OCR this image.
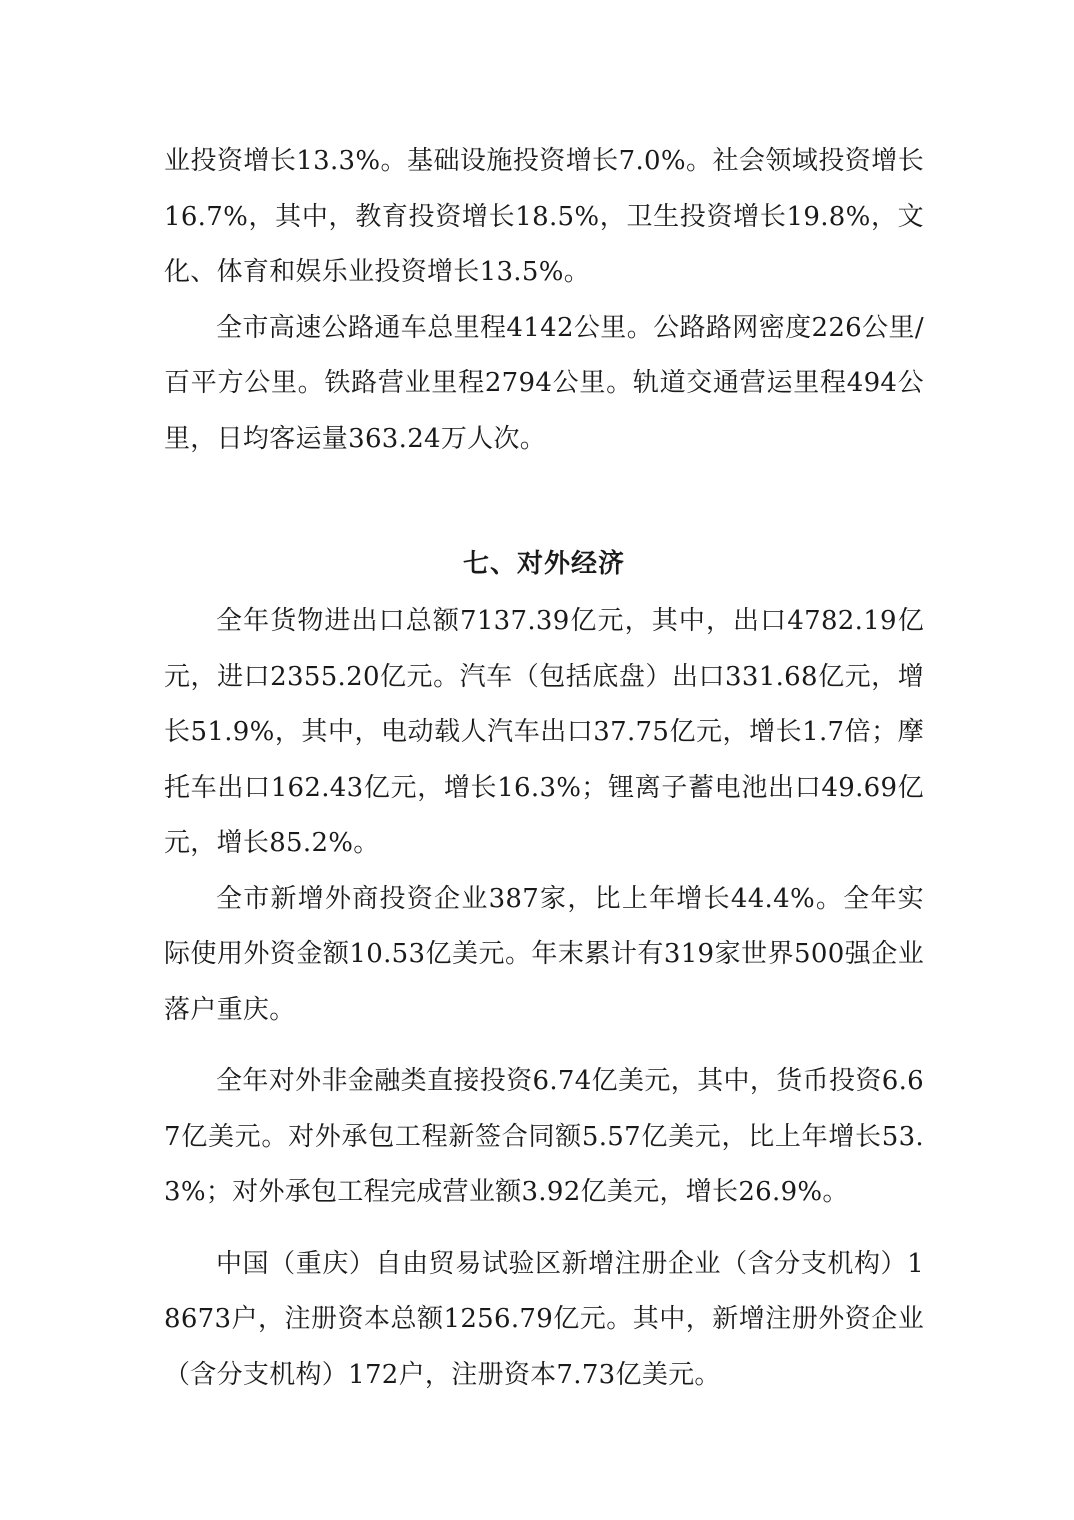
业投资增长13.3%。基础设施投资增长7.0%。社会领域投资增长16.7%，其中，教育投资增长18.5%，卫生投资增长19.8%，文化、体育和娱乐业投资增长13.5%。

全市高速公路通车总里程4142公里。公路路网密度226公里/百平方公里。铁路营业里程2794公里。轨道交通营运里程494公里，日均客运量363.24万人次。

七、对外经济

全年货物进出口总额7137.39亿元，其中，出口4782.19亿元，进口2355.20亿元。汽车（包括底盘）出口331.68亿元，增长51.9%，其中，电动载人汽车出口37.75亿元，增长1.7倍；摩托车出口162.43亿元，增长16.3%；锂离子蓄电池出口49.69亿元，增长85.2%。

全市新增外商投资企业387家，比上年增长44.4%。全年实际使用外资金额10.53亿美元。年末累计有319家世界500强企业落户重庆。

全年对外非金融类直接投资6.74亿美元，其中，货币投资6.67亿美元。对外承包工程新签合同额5.57亿美元，比上年增长53.3%；对外承包工程完成营业额3.92亿美元，增长26.9%。

中国（重庆）自由贸易试验区新增注册企业（含分支机构）18673户，注册资本总额1256.79亿元。其中，新增注册外资企业（含分支机构）172户，注册资本7.73亿美元。
